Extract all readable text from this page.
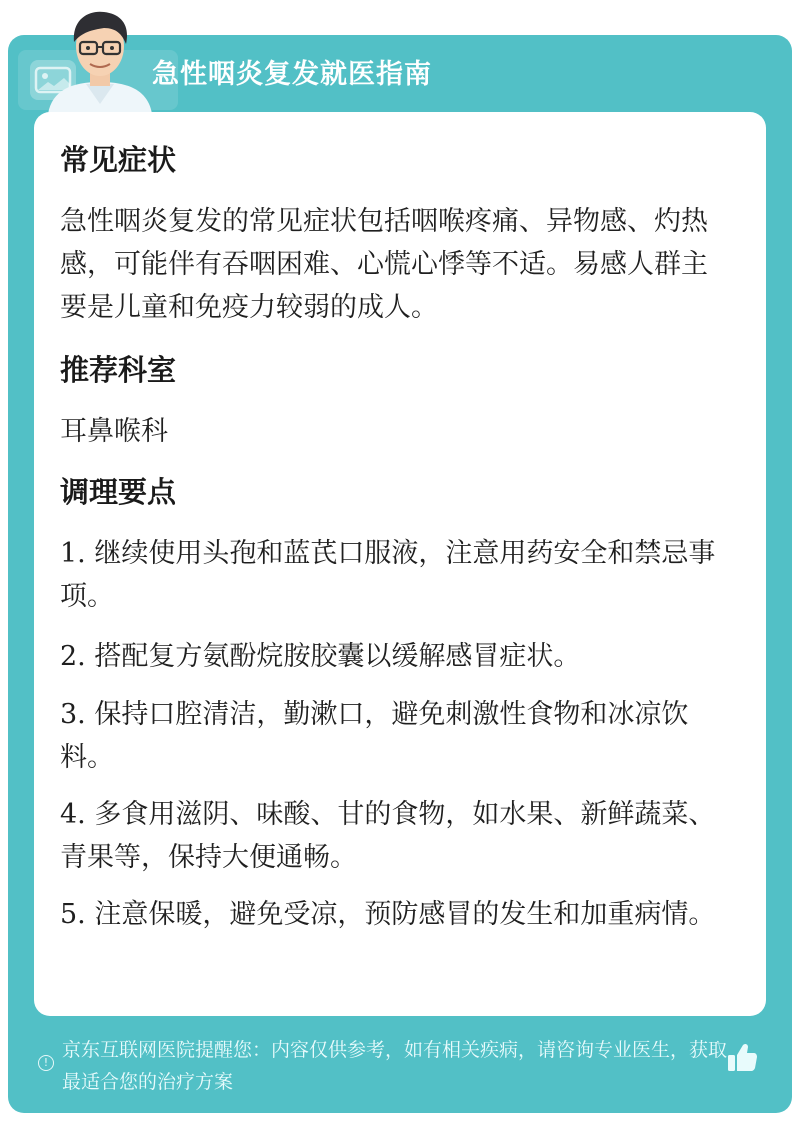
急性咽炎复发就医指南
常见症状
急性咽炎复发的常见症状包括咽喉疼痛、异物感、灼热感，可能伴有吞咽困难、心慌心悸等不适。易感人群主要是儿童和免疫力较弱的成人。
推荐科室
耳鼻喉科
调理要点
1. 继续使用头孢和蓝芪口服液，注意用药安全和禁忌事项。
2. 搭配复方氨酚烷胺胶囊以缓解感冒症状。
3. 保持口腔清洁，勤漱口，避免刺激性食物和冰凉饮料。
4. 多食用滋阴、味酸、甘的食物，如水果、新鲜蔬菜、青果等，保持大便通畅。
5. 注意保暖，避免受凉，预防感冒的发生和加重病情。
!
京东互联网医院提醒您：内容仅供参考，如有相关疾病，请咨询专业医生，获取最适合您的治疗方案
